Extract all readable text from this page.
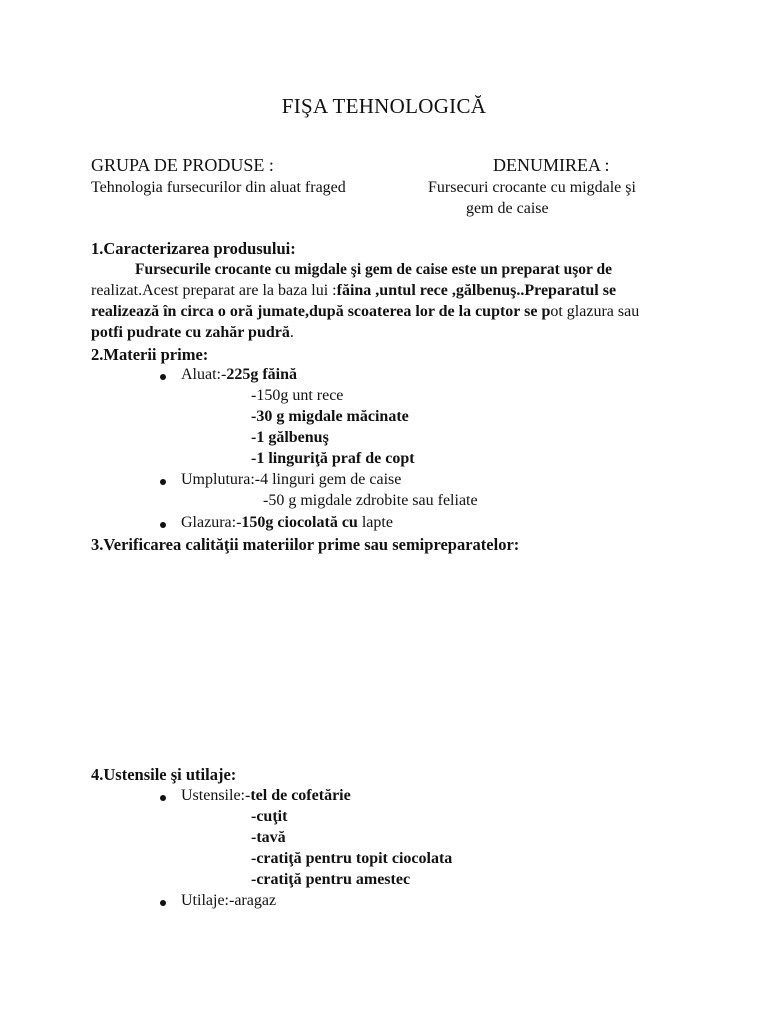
FIŞA TEHNOLOGICĂ
GRUPA DE PRODUSE :	DENUMIREA :
Tehnologia fursecurilor din aluat fraged	Fursecuri crocante cu migdale şi
gem de caise
1.Caracterizarea produsului:
Fursecurile crocante cu migdale şi gem de caise este un preparat uşor de
realizat.Acest preparat are la baza lui :făina ,untul rece ,gălbenuş..Preparatul se
realizează în circa o oră jumate,după scoaterea lor de la cuptor se pot glazura sau
potfi pudrate cu zahăr pudră.
2.Materii prime:
Aluat:-225g făină
-150g unt rece
-30 g migdale măcinate
-1 gălbenuş
-1 linguriţă praf de copt
Umplutura:-4 linguri gem de caise
-50 g migdale zdrobite sau feliate
Glazura:-150g ciocolată cu lapte
3.Verificarea calităţii materiilor prime sau semipreparatelor:
4.Ustensile şi utilaje:
Ustensile:-tel de cofetărie
-cuţit
-tavă
-cratiţă pentru topit ciocolata
-cratiţă pentru amestec
Utilaje:-aragaz
